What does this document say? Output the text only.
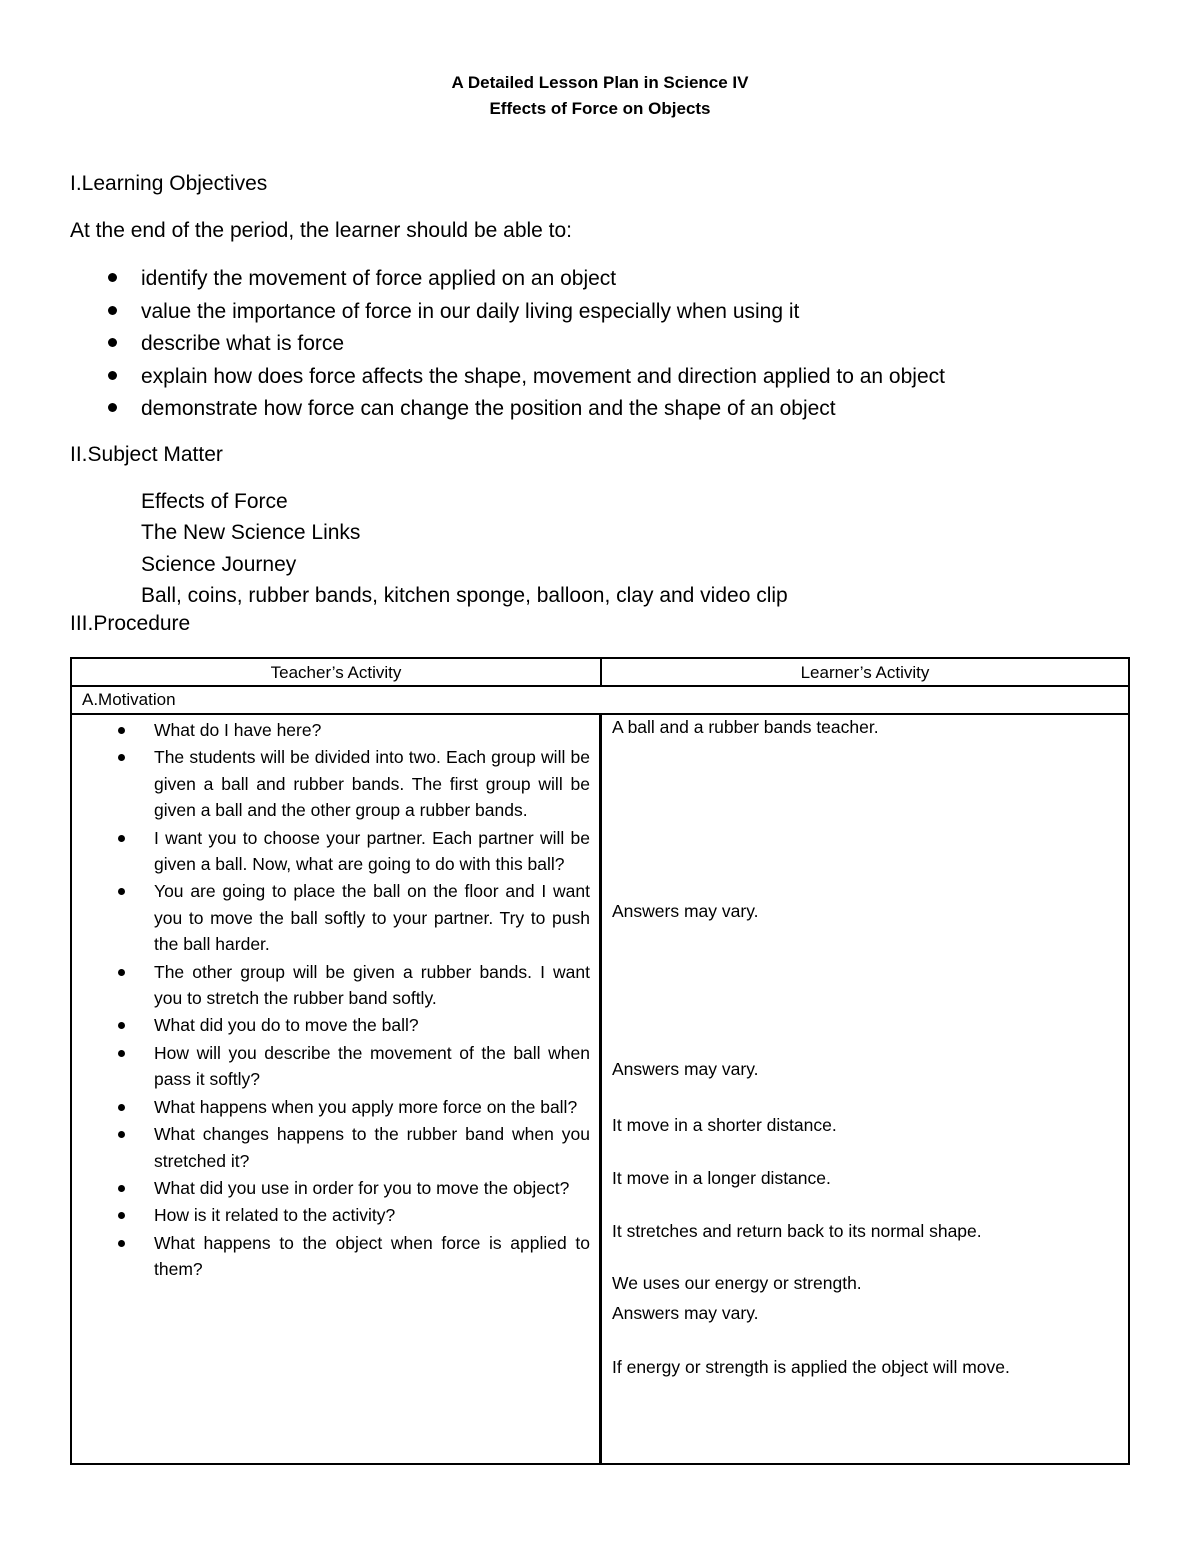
A Detailed Lesson Plan in Science IV
Effects of Force on Objects
I.Learning Objectives
At the end of the period, the learner should be able to:
identify the movement of force applied on an object
value the importance of force in our daily living especially when using it
describe what is force
explain how does force affects the shape, movement and direction applied to an object
demonstrate how force can change the position and the shape of an object
II.Subject Matter
Effects of Force
The New Science Links
Science Journey
Ball, coins, rubber bands, kitchen sponge, balloon, clay and video clip
III.Procedure
Teacher’s Activity	Learner’s Activity
A.Motivation
What do I have here?
The students will be divided into two. Each group will be given a ball and rubber bands. The first group will be given a ball and the other group a rubber bands.
I want you to choose your partner. Each partner will be given a ball. Now, what are going to do with this ball?
You are going to place the ball on the floor and I want you to move the ball softly to your partner. Try to push the ball harder.
The other group will be given a rubber bands. I want you to stretch the rubber band softly.
What did you do to move the ball?
How will you describe the movement of the ball when pass it softly?
What happens when you apply more force on the ball?
What changes happens to the rubber band when you stretched it?
What did you use in order for you to move the object?
How is it related to the activity?
What happens to the object when force is applied to them?
A ball and a rubber bands teacher.
Answers may vary.
Answers may vary.
It move in a shorter distance.
It move in a longer distance.
It stretches and return back to its normal shape.
We uses our energy or strength.
Answers may vary.
If energy or strength is applied the object will move.
